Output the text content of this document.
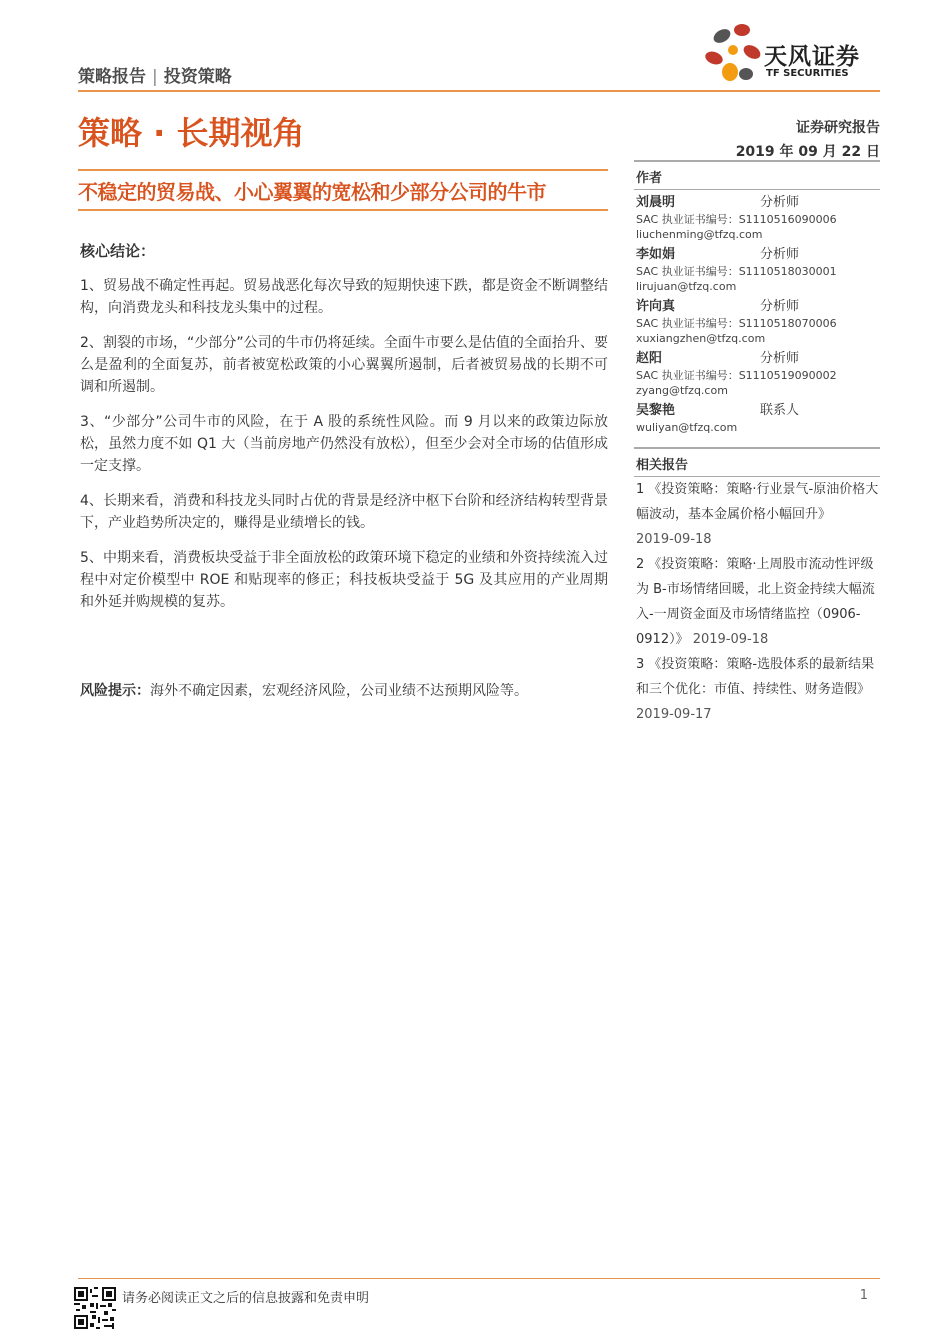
策略报告 | 投资策略
天风证券
TF SECURITIES
策略 · 长期视角	证券研究报告
2019 年 09 月 22 日
不稳定的贸易战、小心翼翼的宽松和少部分公司的牛市
核心结论：

1、贸易战不确定性再起。贸易战恶化每次导致的短期快速下跌，都是资金不断调整结构，向消费龙头和科技龙头集中的过程。

2、割裂的市场，“少部分”公司的牛市仍将延续。全面牛市要么是估值的全面抬升、要么是盈利的全面复苏，前者被宽松政策的小心翼翼所遏制，后者被贸易战的长期不可调和所遏制。

3、“少部分”公司牛市的风险，在于 A 股的系统性风险。而 9 月以来的政策边际放松，虽然力度不如 Q1 大（当前房地产仍然没有放松），但至少会对全市场的估值形成一定支撑。

4、长期来看，消费和科技龙头同时占优的背景是经济中枢下台阶和经济结构转型背景下，产业趋势所决定的，赚得是业绩增长的钱。

5、中期来看，消费板块受益于非全面放松的政策环境下稳定的业绩和外资持续流入过程中对定价模型中 ROE 和贴现率的修正；科技板块受益于 5G 及其应用的产业周期和外延并购规模的复苏。

风险提示：海外不确定因素，宏观经济风险，公司业绩不达预期风险等。
作者
刘晨明	分析师
SAC 执业证书编号：S1110516090006
liuchenming@tfzq.com
李如娟	分析师
SAC 执业证书编号：S1110518030001
lirujuan@tfzq.com
许向真	分析师
SAC 执业证书编号：S1110518070006
xuxiangzhen@tfzq.com
赵阳	分析师
SAC 执业证书编号：S1110519090002
zyang@tfzq.com
吴黎艳	联系人
wuliyan@tfzq.com
相关报告
1 《投资策略：策略·行业景气-原油价格大幅波动，基本金属价格小幅回升》
2019-09-18
2 《投资策略：策略·上周股市流动性评级为 B-市场情绪回暖，北上资金持续大幅流入-一周资金面及市场情绪监控（0906-0912）》 2019-09-18
3 《投资策略：策略-选股体系的最新结果和三个优化：市值、持续性、财务造假》 2019-09-17
请务必阅读正文之后的信息披露和免责申明	1
